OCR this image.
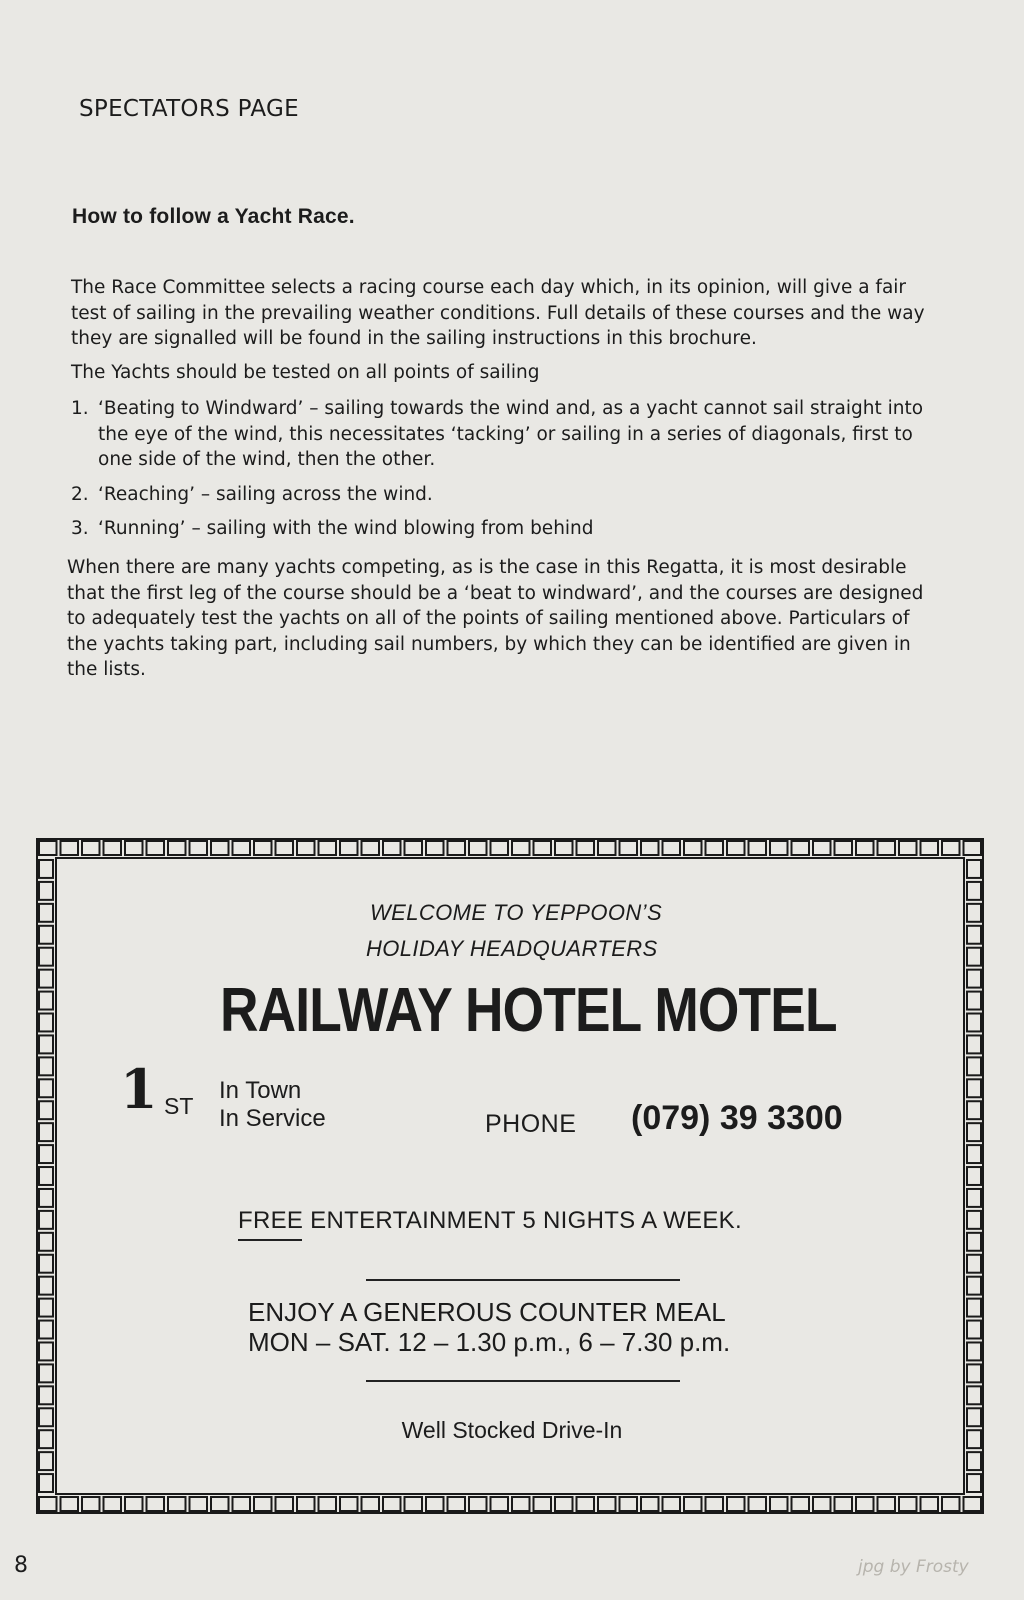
SPECTATORS PAGE
How to follow a Yacht Race.
The Race Committee selects a racing course each day which, in its opinion, will give a fair test of sailing in the prevailing weather conditions. Full details of these courses and the way they are signalled will be found in the sailing instructions in this brochure.
The Yachts should be tested on all points of sailing
1. ‘Beating to Windward’ – sailing towards the wind and, as a yacht cannot sail straight into the eye of the wind, this necessitates ‘tacking’ or sailing in a series of diagonals, first to one side of the wind, then the other.
2. ‘Reaching’ – sailing across the wind.
3. ‘Running’ – sailing with the wind blowing from behind
When there are many yachts competing, as is the case in this Regatta, it is most desirable that the first leg of the course should be a ‘beat to windward’, and the courses are designed to adequately test the yachts on all of the points of sailing mentioned above. Particulars of the yachts taking part, including sail numbers, by which they can be identified are given in the lists.
WELCOME TO YEPPOON’S
HOLIDAY HEADQUARTERS
RAILWAY HOTEL MOTEL
1 ST
In Town
In Service	PHONE (079) 39 3300
FREE ENTERTAINMENT 5 NIGHTS A WEEK.
ENJOY A GENEROUS COUNTER MEAL
MON – SAT. 12 – 1.30 p.m., 6 – 7.30 p.m.
Well Stocked Drive-In
8	jpg by Frosty
